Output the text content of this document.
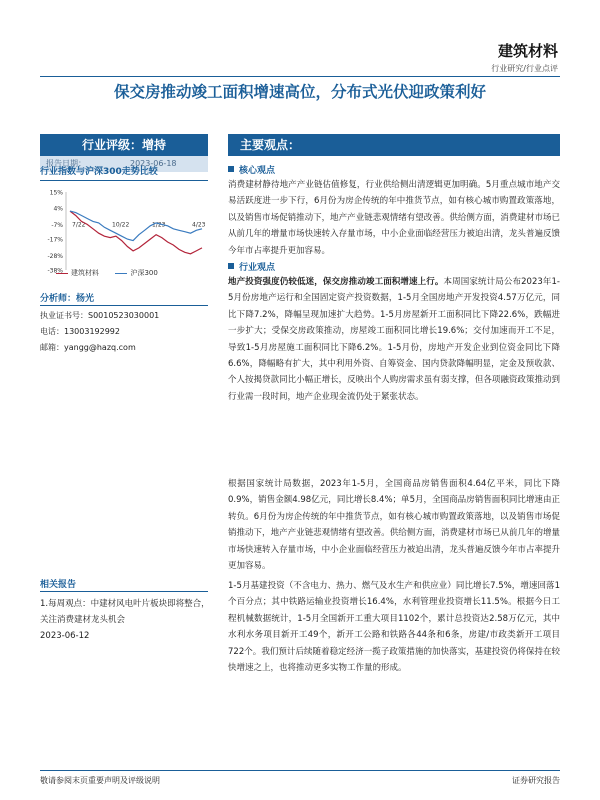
建筑材料
行业研究/行业点评
保交房推动竣工面积增速高位，分布式光伏迎政策利好
行业评级：增持
报告日期：	2023-06-18
行业指数与沪深300走势比较
15%
4%
-7%
-17%
-28%
-38%
7/22	10/22	1/23	4/23
建筑材料	沪深300
分析师：杨光
执业证书号：S0010523030001
电话：13003192992
邮箱：yangg@hazq.com
相关报告
1.每周观点：中建材风电叶片板块即将整合，关注消费建材龙头机会
2023-06-12
主要观点：
核心观点
消费建材静待地产产业链估值修复，行业供给侧出清逻辑更加明确。5月重点城市地产交易活跃度进一步下行，6月份为房企传统的年中推货节点，如有核心城市购置政策落地，以及销售市场促销推动下，地产产业链悲观情绪有望改善。供给侧方面，消费建材市场已从前几年的增量市场快速转入存量市场，中小企业面临经营压力被迫出清，龙头普遍反馈今年市占率提升更加容易。
行业观点
地产投资强度仍较低迷，保交房推动竣工面积增速上行。本周国家统计局公布2023年1-5月份房地产运行和全国固定资产投资数据，1-5月全国房地产开发投资4.57万亿元，同比下降7.2%，降幅呈现加速扩大趋势。1-5月房屋新开工面积同比下降22.6%，跌幅进一步扩大；受保交房政策推动，房屋竣工面积同比增长19.6%；交付加速而开工不足，导致1-5月房屋施工面积同比下降6.2%。1-5月份，房地产开发企业到位资金同比下降6.6%，降幅略有扩大，其中利用外资、自筹资金、国内贷款降幅明显，定金及预收款、个人按揭贷款同比小幅正增长，反映出个人购房需求虽有弱支撑，但各项融资政策推动到行业需一段时间，地产企业现金流仍处于紧张状态。
根据国家统计局数据，2023年1-5月，全国商品房销售面积4.64亿平米，同比下降0.9%，销售金额4.98亿元，同比增长8.4%；单5月，全国商品房销售面积同比增速由正转负。6月份为房企传统的年中推货节点，如有核心城市购置政策落地，以及销售市场促销推动下，地产产业链悲观情绪有望改善。供给侧方面，消费建材市场已从前几年的增量市场快速转入存量市场，中小企业面临经营压力被迫出清，龙头普遍反馈今年市占率提升更加容易。
1-5月基建投资（不含电力、热力、燃气及水生产和供应业）同比增长7.5%，增速回落1个百分点；其中铁路运输业投资增长16.4%，水利管理业投资增长11.5%。根据今日工程机械数据统计，1-5月全国新开工重大项目1102个，累计总投资达2.58万亿元，其中水利水务项目新开工49个，新开工公路和铁路各44条和6条，房建/市政类新开工项目722个。我们预计后续随着稳定经济一揽子政策措施的加快落实，基建投资仍将保持在较快增速之上，也将推动更多实物工作量的形成。
敬请参阅末页重要声明及评级说明	证券研究报告
